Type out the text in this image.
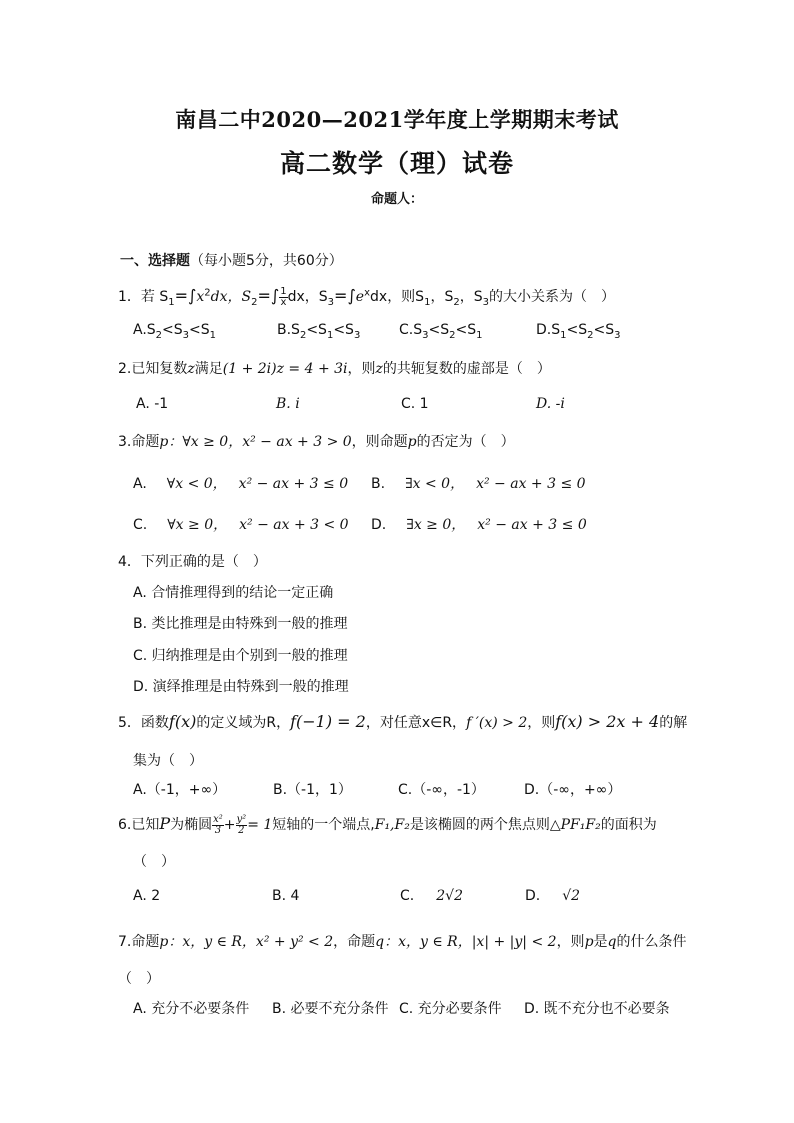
南昌二中2020—2021学年度上学期期末考试
高二数学（理）试卷
命题人：
一、选择题（每小题5分，共60分）
1．若 $S_1=\int x^2dx$，$S_2=\int \frac{1}{x}$ dx，$S_3=\int e^xdx$，则$S_1$，$S_2$，$S_3$的大小关系为（　）
$A.S_2<S_3<S_1$	$B.S_2<S_1<S_3$	$C.S_3<S_2<S_1$	$D.S_1<S_2<S_3$
2.已知复数z满足(1 + 2i)z = 4 + 3i，则z的共轭复数的虚部是（　）
A. -1	B. i	C. 1	D. -i
3.命题p：∀x ≥ 0，x² − ax + 3 > 0，则命题p的否定为（　）
A. ∀x < 0， x² − ax + 3 ≤ 0 B. ∃x < 0， x² − ax + 3 ≤ 0
C. ∀x ≥ 0， x² − ax + 3 < 0 D. ∃x ≥ 0， x² − ax + 3 ≤ 0
4．下列正确的是（　）
A. 合情推理得到的结论一定正确
B. 类比推理是由特殊到一般的推理
C. 归纳推理是由个别到一般的推理
D. 演绎推理是由特殊到一般的推理
5．函数f(x)的定义域为R，f(−1) = 2，对任意x∈R，f ′(x) > 2，则f(x) > 2x + 4的解
集为（　）
A.（-1，+∞）	B.（-1，1）	C.（-∞，-1）	D.（-∞，+∞）
6.已知P为椭圆 $\frac{\text{x²}}{3} + \frac{\text{y²}}{2} = 1$短轴的一个端点,F₁,F₂是该椭圆的两个焦点则△PF₁F₂的面积为
（　）
A. 2	B. 4	C. 2√2	D. √2
7.命题p：x，y ∈ R，x² + y² < 2，命题q：x，y ∈ R，|x| + |y| < 2，则p是q的什么条件
（　）
A. 充分不必要条件 B. 必要不充分条件 C. 充分必要条件 D. 既不充分也不必要条
